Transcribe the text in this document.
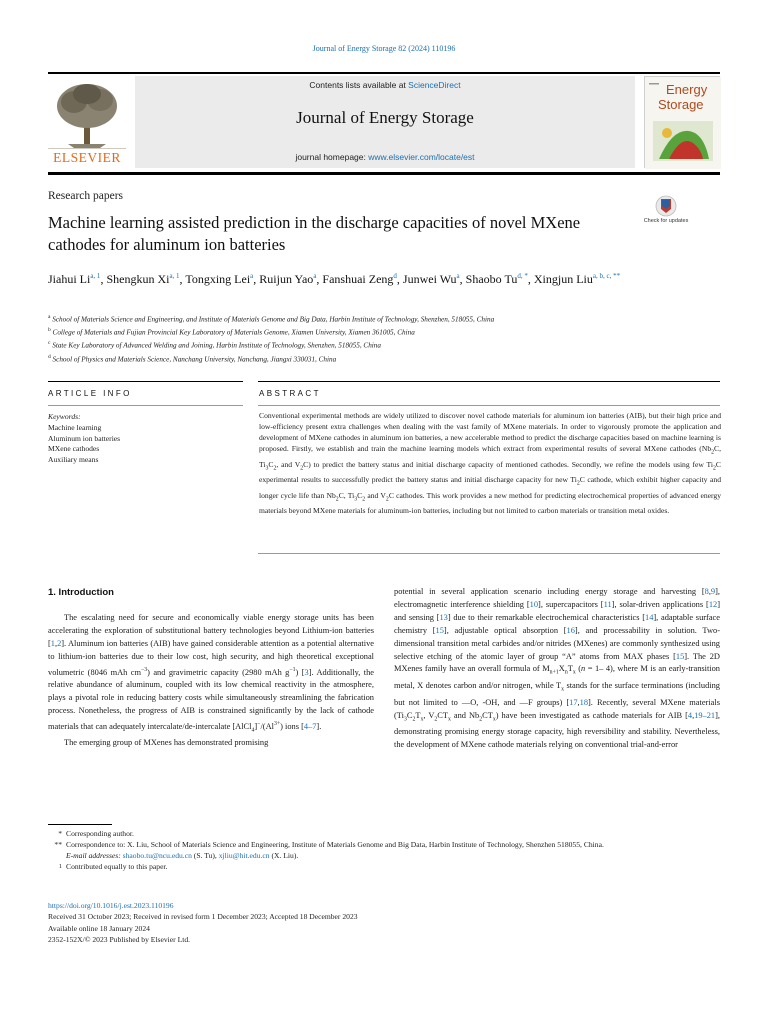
Journal of Energy Storage 82 (2024) 110196
ELSEVIER
Contents lists available at ScienceDirect
Journal of Energy Storage
journal homepage: www.elsevier.com/locate/est
Energy
Storage
Research papers
Machine learning assisted prediction in the discharge capacities of novel MXene cathodes for aluminum ion batteries
Check for updates
Jiahui Li$^{a, 1}$, Shengkun Xi$^{a, 1}$, Tongxing Lei$^a$, Ruijun Yao$^a$, Fanshuai Zeng$^d$, Junwei Wu$^a$, Shaobo $Tu^{d, *}$, Xingjun Liu$^{a, b, c, **}$
$^a$ School of Materials Science and Engineering, and Institute of Materials Genome and Big Data, Harbin Institute of Technology, Shenzhen, 518055, China
$^b$ College of Materials and Fujian Provincial Key Laboratory of Materials Genome, Xiamen University, Xiamen 361005, China
$^c$ State Key Laboratory of Advanced Welding and Joining, Harbin Institute of Technology, Shenzhen, 518055, China
$^d$ School of Physics and Materials Science, Nanchang University, Nanchang, Jiangxi 330031, China
ARTICLE INFO	ABSTRACT
Keywords:
Machine learning
Aluminum ion batteries
MXene cathodes
Auxiliary means
Conventional experimental methods are widely utilized to discover novel cathode materials for aluminum ion batteries (AIB), but their high price and low-efficiency present extra challenges when dealing with the vast family of MXene materials. In order to vigorously promote the application and development of MXene cathodes in aluminum ion batteries, a new accelerable method to predict the discharge capacities based on machine learning is proposed. Firstly, we establish and train the machine learning models which extract from experimental results of several MXene cathodes ($Nb_2C$, $Ti_3C_2$, and $V_2C$) to predict the battery status and initial discharge capacity of mentioned cathodes. Secondly, we refine the models using few $Ti_2C$ experimental results to successfully predict the battery status and initial discharge capacity for new $Ti_2C$ cathode, which exhibit higher capacity and longer cycle life than $Nb_2C$, $Ti_3C_2$ and $V_2C$ cathodes. This work provides a new method for predicting electrochemical properties of advanced energy materials beyond MXene materials for aluminum-ion batteries, including but not limited to carbon materials or transition metal oxides.
1. Introduction

The escalating need for secure and economically viable energy storage units has been accelerating the exploration of substitutional battery technologies beyond Lithium-ion batteries [1,2]. Aluminum ion batteries (AIB) have gained considerable attention as a potential alternative to lithium-ion batteries due to their low cost, high security, and high theoretical exceptional volumetric (8046 mAh $cm^{-3}$) and gravimetric capacity (2980 mAh $g^{-1}$) [3]. Additionally, the relative abundance of aluminum, coupled with its low chemical reactivity in the atmosphere, plays a pivotal role in reducing battery costs while simultaneously streamlining the fabrication process. Nonetheless, the progress of AIB is constrained significantly by the lack of cathode materials that can adequately intercalate/de-intercalate $[AlCl_4]^-/(Al^{3+})$ ions [4–7].

The emerging group of MXenes has demonstrated promising

potential in several application scenario including energy storage and harvesting [8,9], electromagnetic interference shielding [10], supercapacitors [11], solar-driven applications [12] and sensing [13] due to their remarkable electrochemical characteristics [14], adaptable surface chemistry [15], adjustable optical absorption [16], and processability in solution. Two-dimensional transition metal carbides and/or nitrides (MXenes) are commonly synthesized using selective etching of the atomic layer of group “A” atoms from MAX phases [15]. The 2D MXenes family have an overall formula of $M_{n+1}X_nT_x$ (n = 1– 4), where M is an early-transition metal, X denotes carbon and/or nitrogen, while $T_x$ stands for the surface terminations (including but not limited to —O, -OH, and —F groups) [17,18]. Recently, several MXene materials ($Ti_3C_2T_x$, $V_2CT_x$ and $Nb_2CT_x$) have been investigated as cathode materials for AIB [4,19–21], demonstrating promising energy storage capacity, high reversibility and stability. Nevertheless, the development of MXene cathode materials relying on conventional trial-and-error

* Corresponding author.
** Correspondence to: X. Liu, School of Materials Science and Engineering, Institute of Materials Genome and Big Data, Harbin Institute of Technology, Shenzhen 518055, China.
E-mail addresses: shaobo.tu@ncu.edu.cn (S. Tu), xjliu@hit.edu.cn (X. Liu).
$^1$ Contributed equally to this paper.
https://doi.org/10.1016/j.est.2023.110196
Received 31 October 2023; Received in revised form 1 December 2023; Accepted 18 December 2023
Available online 18 January 2024
2352-152X/© 2023 Published by Elsevier Ltd.
